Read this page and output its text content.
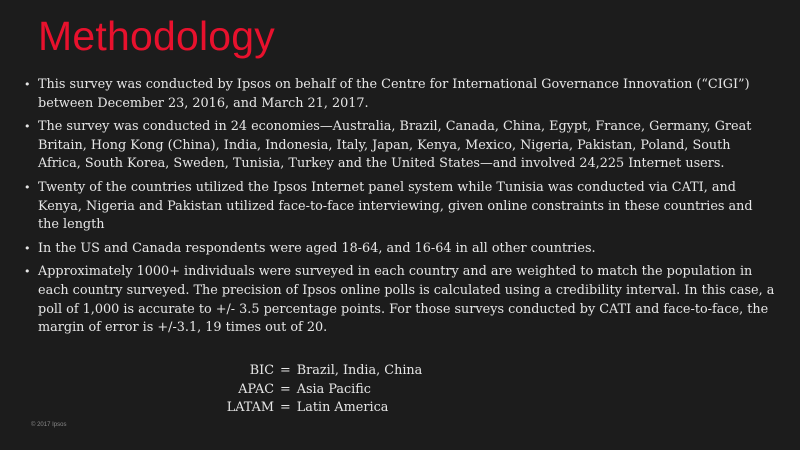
Methodology
• This survey was conducted by Ipsos on behalf of the Centre for International Governance Innovation (“CIGI”) between December 23, 2016, and March 21, 2017.
• The survey was conducted in 24 economies—Australia, Brazil, Canada, China, Egypt, France, Germany, Great Britain, Hong Kong (China), India, Indonesia, Italy, Japan, Kenya, Mexico, Nigeria, Pakistan, Poland, South Africa, South Korea, Sweden, Tunisia, Turkey and the United States—and involved 24,225 Internet users.
• Twenty of the countries utilized the Ipsos Internet panel system while Tunisia was conducted via CATI, and Kenya, Nigeria and Pakistan utilized face-to-face interviewing, given online constraints in these countries and the length
• In the US and Canada respondents were aged 18-64, and 16-64 in all other countries.
• Approximately 1000+ individuals were surveyed in each country and are weighted to match the population in each country surveyed. The precision of Ipsos online polls is calculated using a credibility interval. In this case, a poll of 1,000 is accurate to +/- 3.5 percentage points. For those surveys conducted by CATI and face-to-face, the margin of error is +/-3.1, 19 times out of 20.
BIC	=	Brazil, India, China
APAC	=	Asia Pacific
LATAM	=	Latin America
© 2017 Ipsos
